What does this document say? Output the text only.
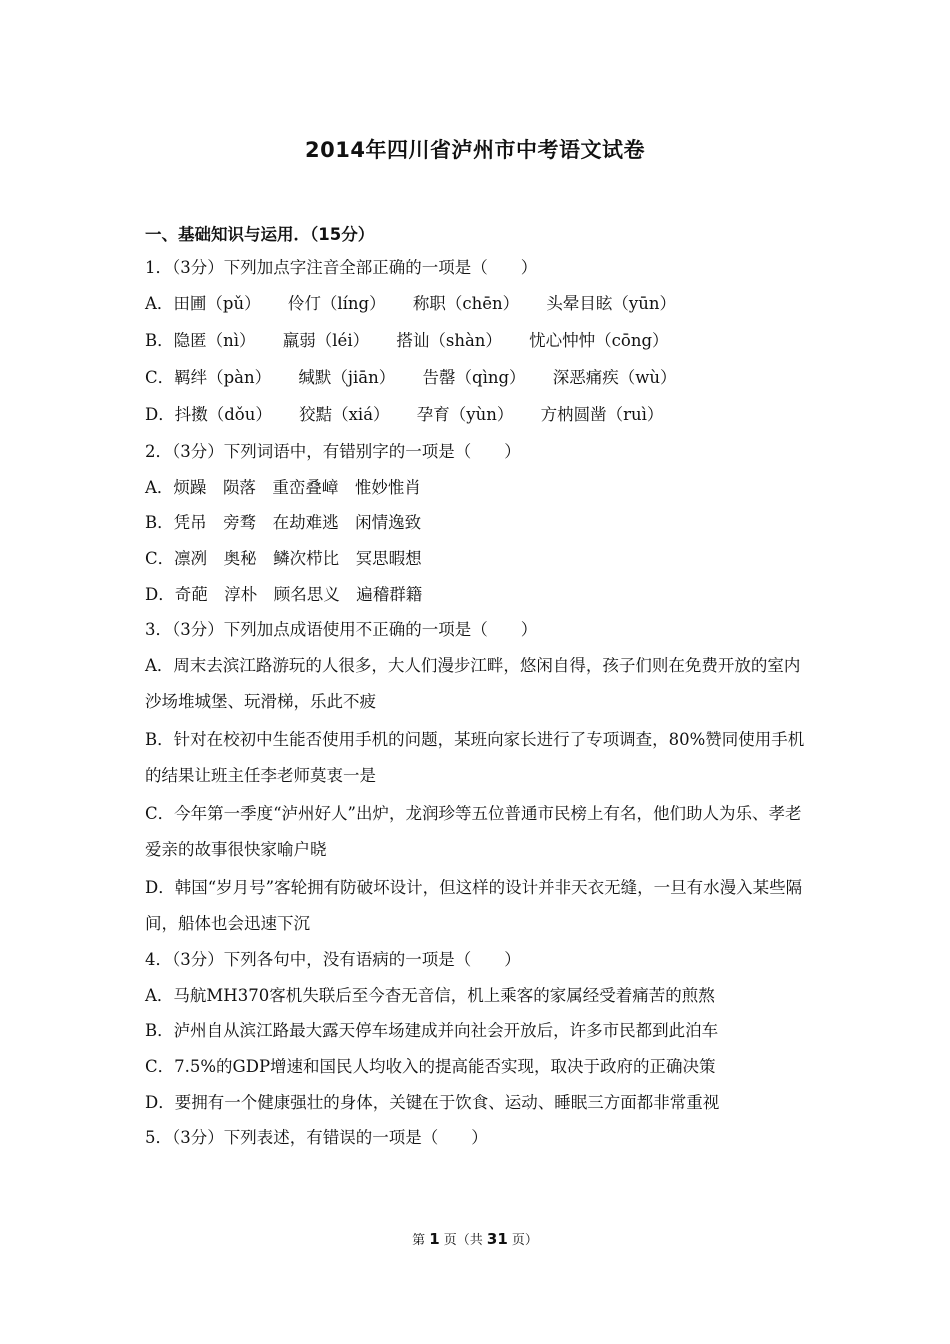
2014年四川省泸州市中考语文试卷
一、基础知识与运用．（15分）
1．（3分）下列加点字注音全部正确的一项是（　　）
A．田圃（pǔ） 伶仃（líng） 称职（chēn） 头晕目眩（yūn）
B．隐匿（nì） 羸弱（léi） 搭讪（shàn） 忧心忡忡（cōng）
C．羁绊（pàn） 缄默（jiān） 告罄（qìng） 深恶痛疾（wù）
D．抖擞（dǒu） 狡黠（xiá） 孕育（yùn） 方枘圆凿（ruì）
2．（3分）下列词语中，有错别字的一项是（　　）
A．烦躁　陨落　重峦叠嶂　惟妙惟肖
B．凭吊　旁骛　在劫难逃　闲情逸致
C．凛冽　奥秘　鳞次栉比　冥思暇想
D．奇葩　淳朴　顾名思义　遍稽群籍
3．（3分）下列加点成语使用不正确的一项是（　　）
A．周末去滨江路游玩的人很多，大人们漫步江畔，悠闲自得，孩子们则在免费开放的室内沙场堆城堡、玩滑梯，乐此不疲
B．针对在校初中生能否使用手机的问题，某班向家长进行了专项调查，80%赞同使用手机的结果让班主任李老师莫衷一是
C．今年第一季度“泸州好人”出炉，龙润珍等五位普通市民榜上有名，他们助人为乐、孝老爱亲的故事很快家喻户晓
D．韩国“岁月号”客轮拥有防破坏设计，但这样的设计并非天衣无缝，一旦有水漫入某些隔间，船体也会迅速下沉
4．（3分）下列各句中，没有语病的一项是（　　）
A．马航MH370客机失联后至今杳无音信，机上乘客的家属经受着痛苦的煎熬
B．泸州自从滨江路最大露天停车场建成并向社会开放后，许多市民都到此泊车
C．7.5%的GDP增速和国民人均收入的提高能否实现，取决于政府的正确决策
D．要拥有一个健康强壮的身体，关键在于饮食、运动、睡眠三方面都非常重视
5．（3分）下列表述，有错误的一项是（　　）
第 1 页（共 31 页）
